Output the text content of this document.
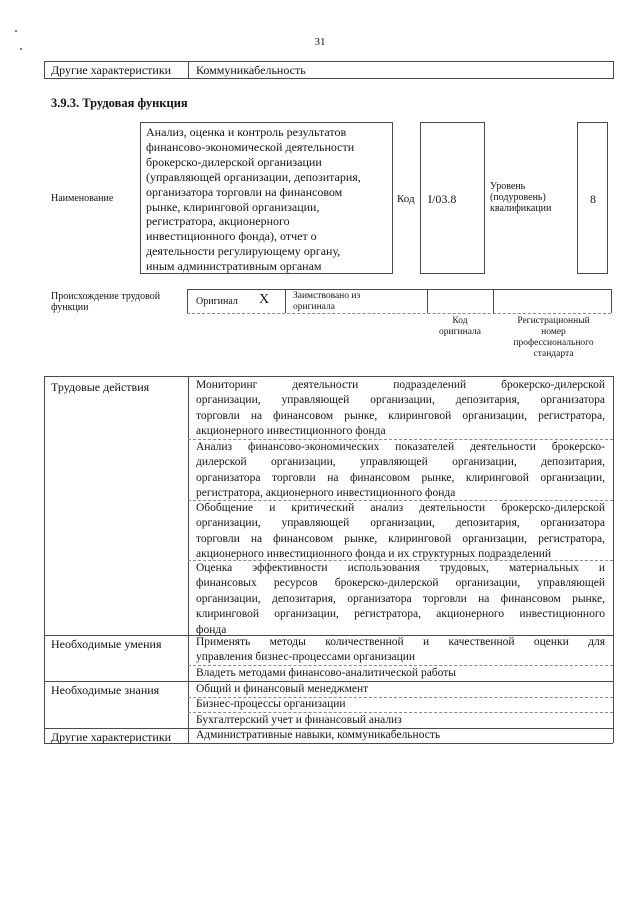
31
Другие характеристики Коммуникабельность
3.9.3. Трудовая функция
Наименование
Анализ, оценка и контроль результатов
финансово-экономической деятельности
брокерско-дилерской организации
(управляющей организации, депозитария,
организатора торговли на финансовом
рынке, клиринговой организации,
регистратора, акционерного
инвестиционного фонда), отчет о
деятельности регулирующему органу,
иным административным органам
Код I/03.8
Уровень
(подуровень)
квалификации
8
Происхождение трудовой
функции
Оригинал X	Заимствовано из
оригинала
Код
оригинала
Регистрационный
номер
профессионального
стандарта
Трудовые действия
Необходимые умения
Необходимые знания
Другие характеристики
Мониторинг деятельности подразделений брокерско-дилерской
организации, управляющей организации, депозитария, организатора
торговли на финансовом рынке, клиринговой организации, регистратора,
акционерного инвестиционного фонда
Анализ финансово-экономических показателей деятельности брокерско-
дилерской организации, управляющей организации, депозитария,
организатора торговли на финансовом рынке, клиринговой организации,
регистратора, акционерного инвестиционного фонда
Обобщение и критический анализ деятельности брокерско-дилерской
организации, управляющей организации, депозитария, организатора
торговли на финансовом рынке, клиринговой организации, регистратора,
акционерного инвестиционного фонда и их структурных подразделений
Оценка эффективности использования трудовых, материальных и
финансовых ресурсов брокерско-дилерской организации, управляющей
организации, депозитария, организатора торговли на финансовом рынке,
клиринговой организации, регистратора, акционерного инвестиционного
фонда
Применять методы количественной и качественной оценки для
управления бизнес-процессами организации
Владеть методами финансово-аналитической работы
Общий и финансовый менеджмент
Бизнес-процессы организации
Бухгалтерский учет и финансовый анализ
Административные навыки, коммуникабельность
